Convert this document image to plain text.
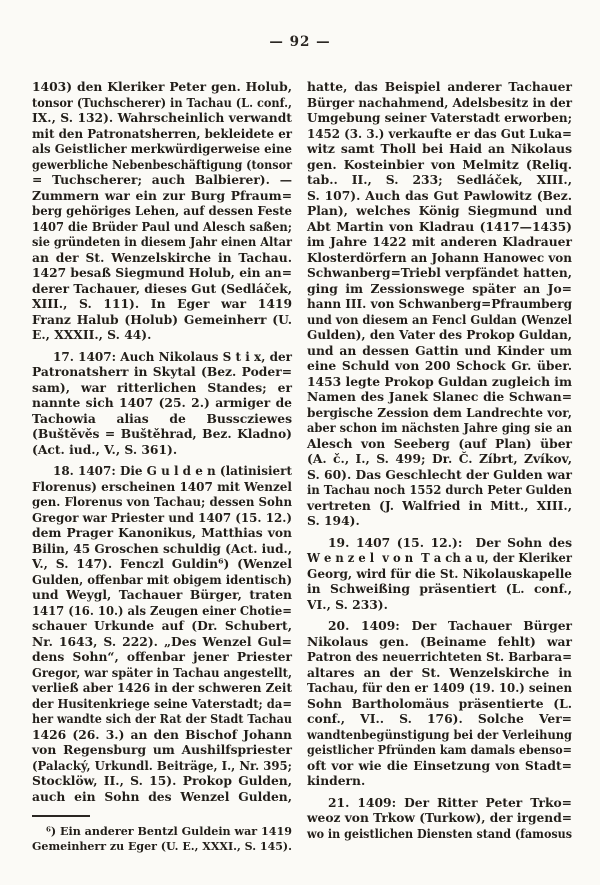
— 92 —
1403) den Kleriker Peter gen. Holub,
tonsor (Tuchscherer) in Tachau (L. conf.,
IX., S. 132). Wahrscheinlich verwandt
mit den Patronatsherren, bekleidete er
als Geistlicher merkwürdigerweise eine
gewerbliche Nebenbeschäftigung (tonsor
= Tuchscherer; auch Balbierer). —
Zummern war ein zur Burg Pfraum=
berg gehöriges Lehen, auf dessen Feste
1407 die Brüder Paul und Alesch saßen;
sie gründeten in diesem Jahr einen Altar
an der St. Wenzelskirche in Tachau.
1427 besaß Siegmund Holub, ein an=
derer Tachauer, dieses Gut (Sedláček,
XIII., S. 111). In Eger war 1419
Franz Halub (Holub) Gemeinherr (U.
E., XXXII., S. 44).
17. 1407: Auch Nikolaus S t i x, der
Patronatsherr in Skytal (Bez. Poder=
sam), war ritterlichen Standes; er
nannte sich 1407 (25. 2.) armiger de
Tachowia  alias  de  Busscziewes
(Buštěvěs = Buštěhrad, Bez. Kladno)
(Act. iud., V., S. 361).
18. 1407: Die G u l d e n (latinisiert
Florenus) erscheinen 1407 mit Wenzel
gen. Florenus von Tachau; dessen Sohn
Gregor war Priester und 1407 (15. 12.)
dem Prager Kanonikus, Matthias von
Bilin, 45 Groschen schuldig (Act. iud.,
V., S. 147). Fenczl Guldin⁶) (Wenzel
Gulden, offenbar mit obigem identisch)
und Weygl, Tachauer Bürger, traten
1417 (16. 10.) als Zeugen einer Chotie=
schauer Urkunde auf (Dr. Schubert,
Nr. 1643, S. 222). „Des Wenzel Gul=
dens Sohn“, offenbar jener Priester
Gregor, war später in Tachau angestellt,
verließ aber 1426 in der schweren Zeit
der Husitenkriege seine Vaterstadt; da=
her wandte sich der Rat der Stadt Tachau
1426 (26. 3.) an den Bischof Johann
von Regensburg um Aushilfspriester
(Palacký, Urkundl. Beiträge, I., Nr. 395;
Stocklöw, II., S. 15). Prokop Gulden,
auch ein Sohn des Wenzel Gulden,
⁶) Ein anderer Bentzl Guldein war 1419
Gemeinherr zu Eger (U. E., XXXI., S. 145).
hatte, das Beispiel anderer Tachauer
Bürger nachahmend, Adelsbesitz in der
Umgebung seiner Vaterstadt erworben;
1452 (3. 3.) verkaufte er das Gut Luka=
witz samt Tholl bei Haid an Nikolaus
gen. Kosteinbier von Melmitz (Reliq.
tab.. II., S. 233; Sedláček, XIII.,
S. 107). Auch das Gut Pawlowitz (Bez.
Plan), welches König Siegmund und
Abt Martin von Kladrau (1417—1435)
im Jahre 1422 mit anderen Kladrauer
Klosterdörfern an Johann Hanowec von
Schwanberg=Triebl verpfändet hatten,
ging im Zessionswege später an Jo=
hann III. von Schwanberg=Pfraumberg
und von diesem an Fencl Guldan (Wenzel
Gulden), den Vater des Prokop Guldan,
und an dessen Gattin und Kinder um
eine Schuld von 200 Schock Gr. über.
1453 legte Prokop Guldan zugleich im
Namen des Janek Slanec die Schwan=
bergische Zession dem Landrechte vor,
aber schon im nächsten Jahre ging sie an
Alesch von Seeberg (auf Plan) über
(A. č., I., S. 499; Dr. Č. Zíbrt, Zvíkov,
S. 60). Das Geschlecht der Gulden war
in Tachau noch 1552 durch Peter Gulden
vertreten (J. Walfried in Mitt., XIII.,
S. 194).
19. 1407 (15. 12.):  Der Sohn des
W e n z e l  v o n  T a ch a u, der Kleriker
Georg, wird für die St. Nikolauskapelle
in Schweißing präsentiert (L. conf.,
VI., S. 233).
20. 1409: Der Tachauer Bürger
Nikolaus gen. (Beiname fehlt) war
Patron des neuerrichteten St. Barbara=
altares an der St. Wenzelskirche in
Tachau, für den er 1409 (19. 10.) seinen
Sohn Bartholomäus präsentierte (L.
conf., VI.. S. 176). Solche Ver=
wandtenbegünstigung bei der Verleihung
geistlicher Pfründen kam damals ebenso=
oft vor wie die Einsetzung von Stadt=
kindern.
21. 1409: Der Ritter Peter Trko=
weoz von Trkow (Turkow), der irgend=
wo in geistlichen Diensten stand (famosus
